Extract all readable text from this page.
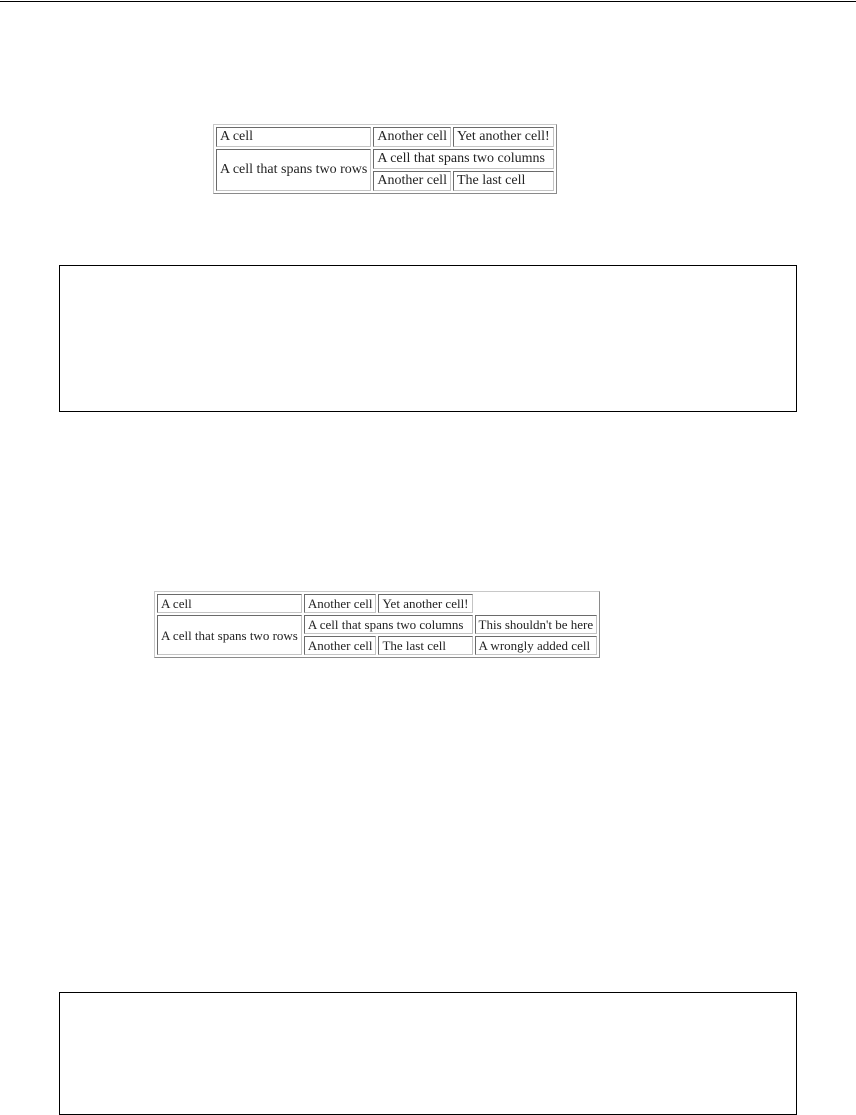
A cell	Another cell	Yet another cell!
A cell that spans two rows	A cell that spans two columns	
	Another cell	The last cell
A cell	Another cell	Yet another cell!	
A cell that spans two rows	A cell that spans two columns		This shouldn't be here
	Another cell	The last cell	A wrongly added cell
